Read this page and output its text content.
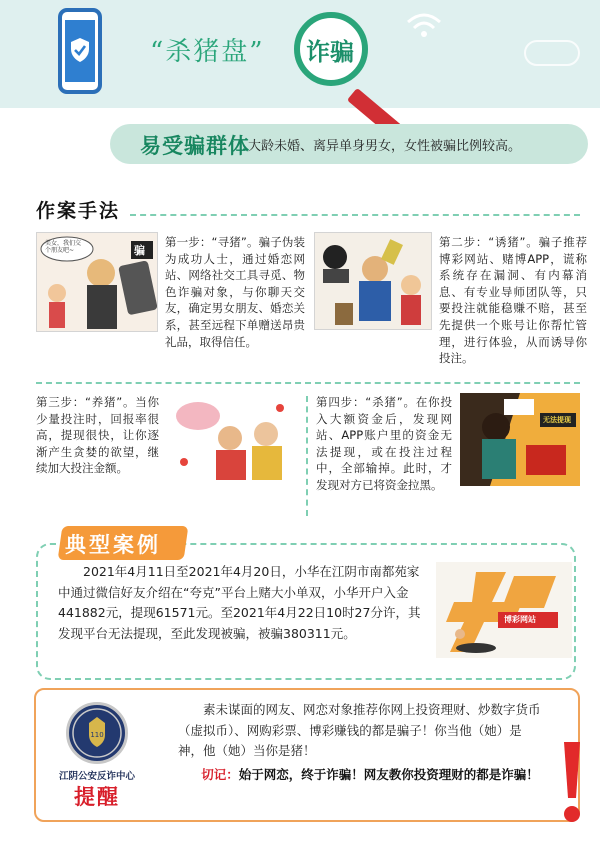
“杀猪盘” 诈骗
易受骗群体
大龄未婚、离异单身男女，女性被骗比例较高。
作案手法
美女，我们交个朋友吧~	骗
第一步：“寻猪”。骗子伪装为成功人士，通过婚恋网站、网络社交工具寻觅、物色诈骗对象，与你聊天交友，确定男女朋友、婚恋关系，甚至远程下单赠送昂贵礼品，取得信任。
第二步：“诱猪”。骗子推荐博彩网站、赌博APP，谎称系统存在漏洞、有内幕消息、有专业导师团队等，只要投注就能稳赚不赔，甚至先提供一个账号让你帮忙管理，进行体验，从而诱导你投注。
第三步：“养猪”。当你少量投注时，回报率很高，提现很快，让你逐渐产生贪婪的欲望，继续加大投注金额。
第四步：“杀猪”。在你投入大额资金后，发现网站、APP账户里的资金无法提现，或在投注过程中，全部输掉。此时，才发现对方已将资金拉黑。
无法提现
典型案例
2021年4月11日至2021年4月20日，小华在江阴市南都苑家中通过微信好友介绍在“夸克”平台上赌大小单双，小华开户入金441882元，提现61571元。至2021年4月22日10时27分许，其发现平台无法提现，至此发现被骗，被骗380311元。
博彩网站
110
江阴公安反诈中心
提醒
素未谋面的网友、网恋对象推荐你网上投资理财、炒数字货币（虚拟币）、网购彩票、博彩赚钱的都是骗子！你当他（她）是神，他（她）当你是猪！
切记：始于网恋，终于诈骗！网友教你投资理财的都是诈骗！
